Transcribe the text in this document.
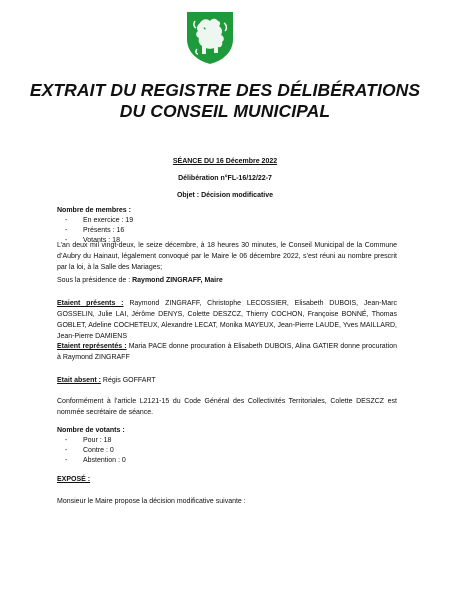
EXTRAIT DU REGISTRE DES DÉLIBÉRATIONS
DU CONSEIL MUNICIPAL
SÉANCE DU 16 Décembre 2022
Délibération n°FL-16/12/22-7
Objet : Décision modificative
Nombre de membres :
- En exercice : 19
- Présents : 16
- Votants : 18
L’an deux mil vingt-deux, le seize décembre, à 18 heures 30 minutes, le Conseil Municipal de la Commune d’Aubry du Hainaut, légalement convoqué par le Maire le 06 décembre 2022, s’est réuni au nombre prescrit par la loi, à la Salle des Mariages;
Sous la présidence de : Raymond ZINGRAFF, Maire
Etaient présents : Raymond ZINGRAFF, Christophe LECOSSIER, Elisabeth DUBOIS, Jean-Marc GOSSELIN, Julie LAI, Jérôme DENYS, Colette DESZCZ, Thierry COCHON, Françoise BONNÉ, Thomas GOBLET, Adeline COCHETEUX, Alexandre LECAT, Monika MAYEUX, Jean-Pierre LAUDE, Yves MAILLARD, Jean-Pierre DAMIENS
Etaient représentés : Maria PACE donne procuration à Elisabeth DUBOIS, Alina GATIER donne procuration à Raymond ZINGRAFF
Etait absent : Régis GOFFART
Conformément à l’article L2121-15 du Code Général des Collectivités Territoriales, Colette DESZCZ est nommée secrétaire de séance.
Nombre de votants :
- Pour : 18
- Contre : 0
- Abstention : 0
EXPOSÉ :
Monsieur le Maire propose la décision modificative suivante :
